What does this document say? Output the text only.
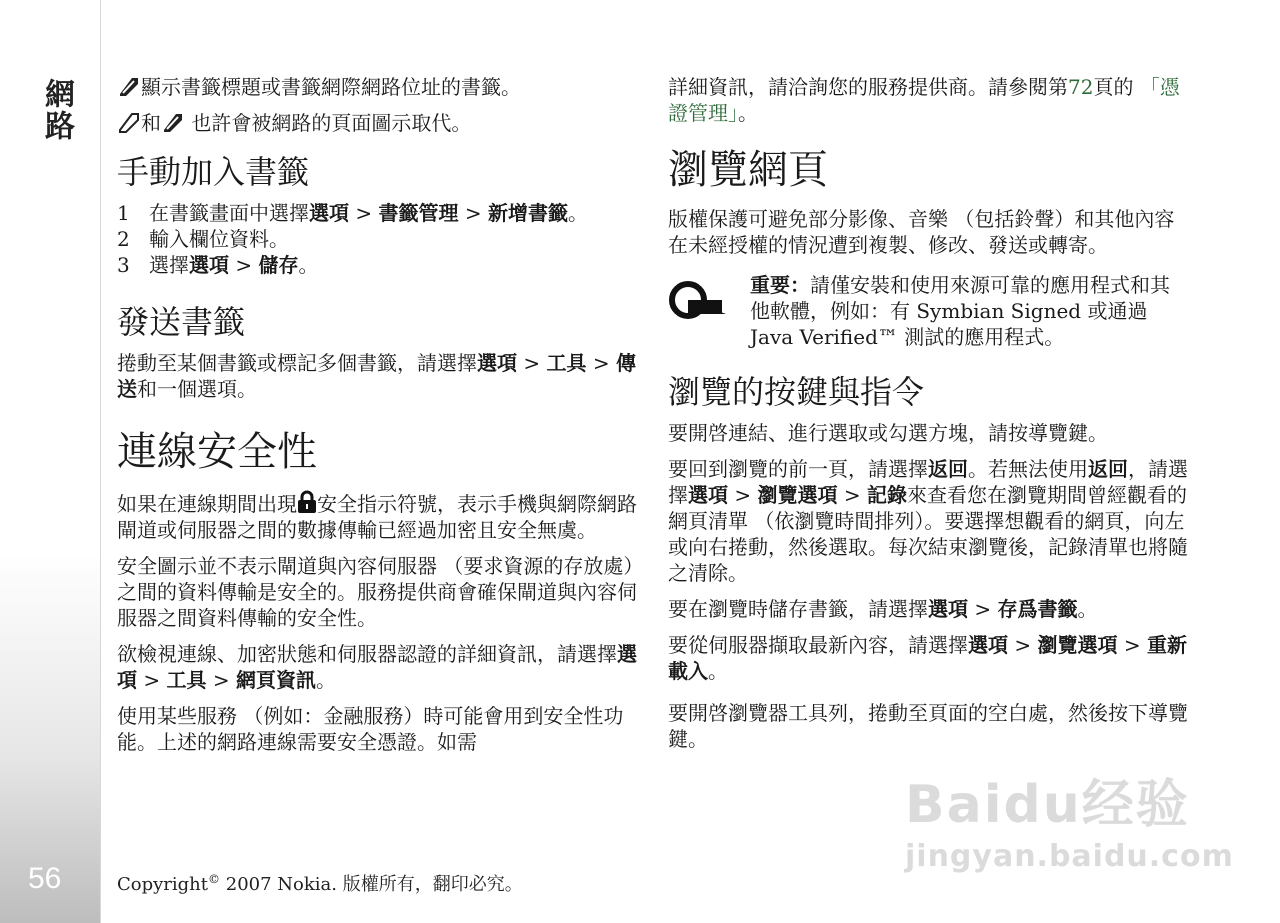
網路
56

顯示書籤標題或書籤網際網路位址的書籤。

和 也許會被網路的頁面圖示取代。

手動加入書籤
1 在書籤畫面中選擇選項 > 書籤管理 > 新增書籤。
2 輸入欄位資料。
3 選擇選項 > 儲存。
發送書籤

捲動至某個書籤或標記多個書籤，請選擇選項 > 工具 > 傳送和一個選項。

連線安全性

如果在連線期間出現 安全指示符號，表示手機與網際網路閘道或伺服器之間的數據傳輸已經過加密且安全無虞。

安全圖示並不表示閘道與內容伺服器 （要求資源的存放處）之間的資料傳輸是安全的。服務提供商會確保閘道與內容伺服器之間資料傳輸的安全性。

欲檢視連線、加密狀態和伺服器認證的詳細資訊，請選擇選項 > 工具 > 網頁資訊。

使用某些服務 （例如：金融服務）時可能會用到安全性功能。上述的網路連線需要安全憑證。如需

詳細資訊，請洽詢您的服務提供商。請參閱第72頁的 「憑證管理」。

瀏覽網頁

版權保護可避免部分影像、音樂 （包括鈴聲）和其他內容在未經授權的情況遭到複製、修改、發送或轉寄。

重要：請僅安裝和使用來源可靠的應用程式和其他軟體，例如：有 Symbian Signed 或通過 Java Verified™ 測試的應用程式。

瀏覽的按鍵與指令

要開啓連結、進行選取或勾選方塊，請按導覽鍵。

要回到瀏覽的前一頁，請選擇返回。若無法使用返回，請選擇選項 > 瀏覽選項 > 記錄來查看您在瀏覽期間曾經觀看的網頁清單 （依瀏覽時間排列）。要選擇想觀看的網頁，向左或向右捲動，然後選取。每次結束瀏覽後，記錄清單也將隨之清除。

要在瀏覽時儲存書籤，請選擇選項 > 存爲書籤。

要從伺服器擷取最新內容，請選擇選項 > 瀏覽選項 > 重新載入。

要開啓瀏覽器工具列，捲動至頁面的空白處，然後按下導覽鍵。

Copyright© 2007 Nokia. 版權所有，翻印必究。
Baidu经验
jingyan.baidu.com
